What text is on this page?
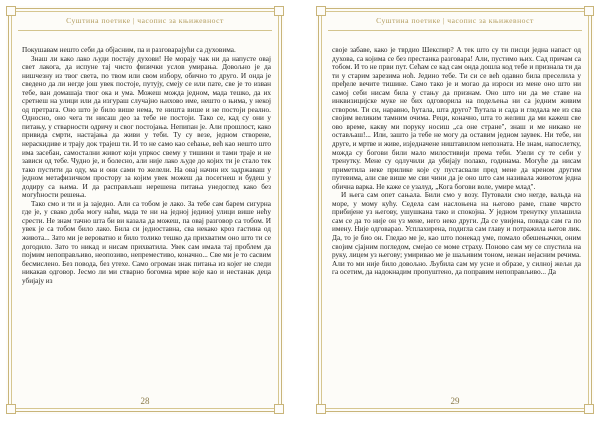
Суштина поетике | часопис за књижевност

Покушавам нешто себи да објасним, па и разговарајући са духовима.

Знаш ли како лако људи постају духови! Не морају чак ни да напусте овај свет лакога, да испуне тај чисто физички услов умирања. Довољно је да нишчезну из твог света, по твом или свом избору, обично то друго. И онда је сведено да ли негде још увек постоје, путују, смеју се или пате, све је то изван тебе, ван домашаја твог ока и ума. Можеш можда једном, мада тешко, да их сретнеш на улици или да изгураш случајно њихово име, нешто о њима, у некој од претрага. Оно што је било више нема, те ништа више и не постоји реално. Односно, оно чега ти нисаш део за тебе не постоји. Тако се, кад су они у питању, у стварности одричу и свог постојања. Непипан је. Али прошлост, како привида смрти, настајања да живи у теби. Ту су везе, једном створене, нераскидиве и трају док трајеш ти. И то не само као сећање, већ као нешто што има засебан, самостални живот који упркос свему у тишини и тами траје и не зависи од тебе. Чудно је, и болесно, али није лако људе до којих ти је стало тек тако пустити да оду, ма и они сами то желели. На овај начин их задржаваш у једном метафизичком простору за којим увек можеш да посегнеш и будеш у додиру са њима. И да расправљаш нерешена питања унедоглед како без могућности решења.

Тако смо и ти и ја заједно. Али са тобом је лако. За тебе сам барем сигурна где је, у свако доба могу наћи, мада те ни на једној јединој улици више нећу срести. Не знам тачно шта би ви казала да можеш, па овај разговор са тобом. И увек је са тобом било лако. Била си једноставна, сва некако кроз гастина од живота... Зато ми је вероватно и било толико тешко да прихватим оно што ти се догодило. Зато то никад и нисам прихватила. Увек сам имала тај проблем да појмим непоправљиво, неопозиво, непреместиво, коначно... Све ми је то сасвим бесмислено. Без повода, без утехе. Само огроман знак питања из којег не следи никакав одговор. Јесмо ли ми стварно богомна мрве које као и нестанак деца убијају из

28
Суштина поетике | часопис за књижевност

своје забаве, како је тврдио Шекспир? А тек што су ти писци једна напаст од духова, са којима се без престанка разговара! Али, пустимо њих. Сад причам са тобом. И то не први пут. Сећам се кад сам онда дошла код тебе и признала ти да ти у старим зарезима ноћ. Једино тебе. Ти си се већ одавно била преселила у пређеле вечите тишине. Само тако је и могао да изроси из мене оно што ни самој себи нисам била у стању да признам. Оно што ни да ме ставе на инквизицијске муке не бих одговорила на подељења ни са једним живим створом. Ти си, наравно, ћутала, шта друго? Ћутала и сада и гледала ме из сва својим великим тамним очима. Реци, коначно, шта то желиш да ми кажеш све ово време, какву ми поруку носиш „са оне стране", знаш и ме никако не остављаш!... Или, зашто ја тебе не могу да оставим једном заувек. Ни тебе, ни друге, и мртве и живе, изједначене ништавилом непозната. Не знам, напослетку, можда су богови били мало милостивији према теби. Узели су те себи у тренутку. Мене су одлучили да убијају полако, годинама. Могуће да нисам приметила неке прилике које су пустасвали пред мене да креном другим путевима, али све више ме сви чини да је оно што сам називала животом једна обична варка. Не каже се узалуд, „Кога богови воле, умире млад".

И њега сам опет сањала. Били смо у возу. Путовали смо негде, вальда на море, у мому кућу. Седела сам наслоњена на његово раме, главе чврсто прибијене уз његову, ушушкана тако и спокојна. У једном тренутку уплашила сам се да то није он уз мене, него неко други. Да се увијена, повада сам га по имену. Није одговарао. Усплахирена, подигла сам главу и потражила његов лик. Да, то је био он. Гледао ме је, као што понекад уме, помало обешењачки, оним својим сјајним погледом, смејао се моме страху. Поново сам му се спустила на руку, лицем уз његову; умиривао ме је шаљивим тоном, нежан нејасним речима. Али то ми није било довољно. Љубила сам му усне и образе, у силној жељи да га осетим, да надокнадим пропуштено, да поправим непоправљиво... Да

29
